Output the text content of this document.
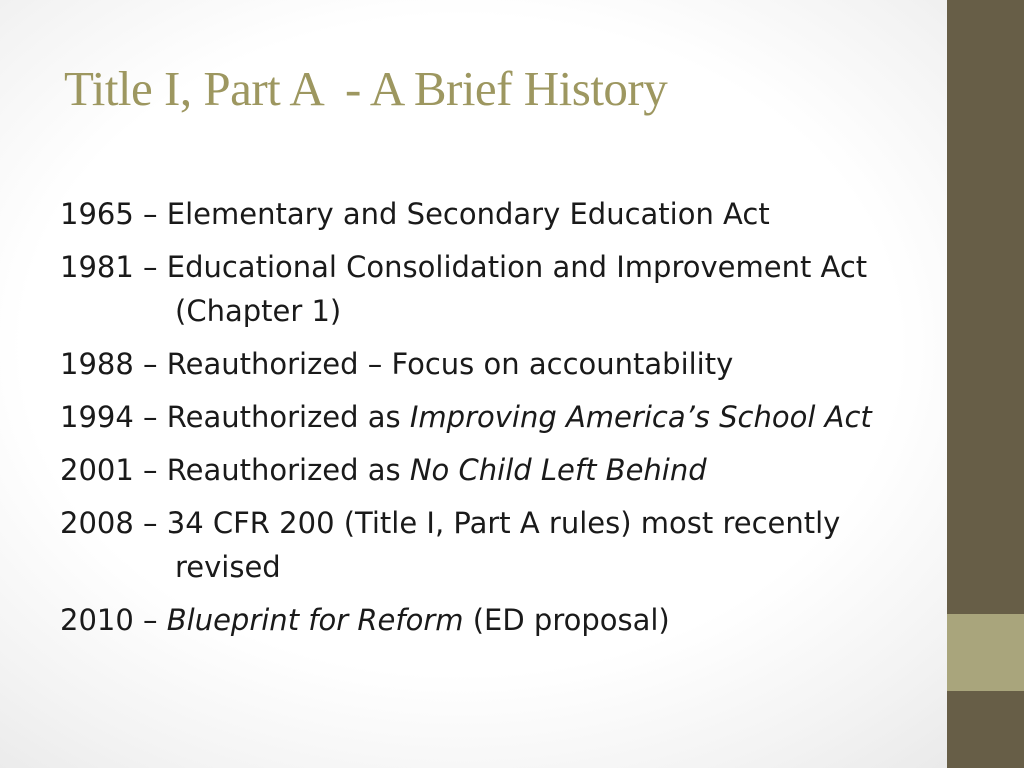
Title I, Part A  - A Brief History
1965 – Elementary and Secondary Education Act
1981 – Educational Consolidation and Improvement Act (Chapter 1)
1988 – Reauthorized – Focus on accountability
1994 – Reauthorized as Improving America’s School Act
2001 – Reauthorized as No Child Left Behind
2008 – 34 CFR 200 (Title I, Part A rules) most recently revised
2010 – Blueprint for Reform (ED proposal)
